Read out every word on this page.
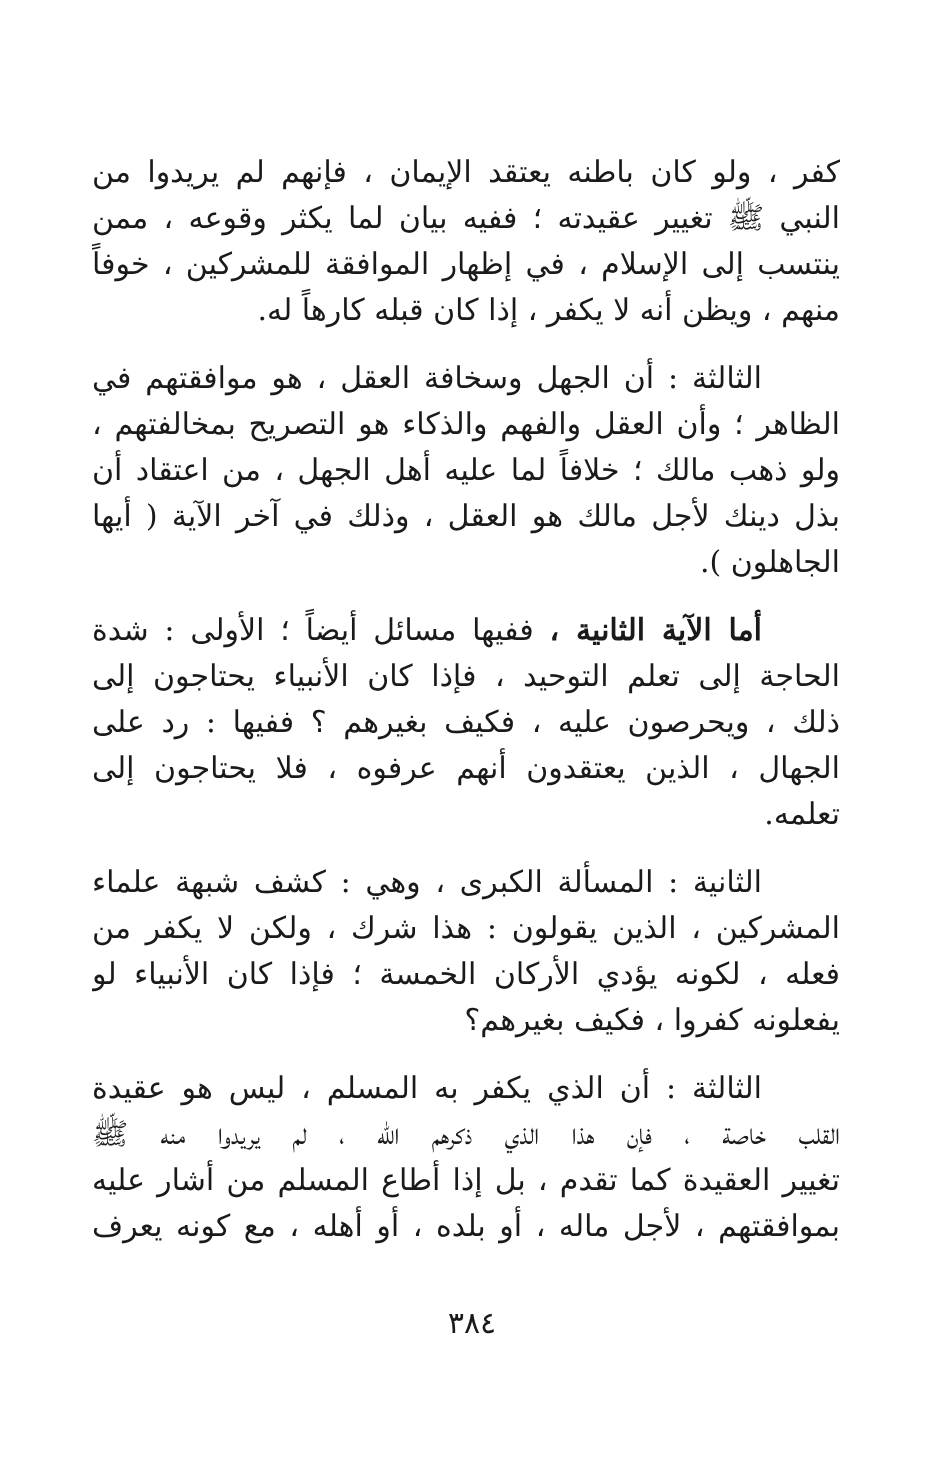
كفر ، ولو كان باطنه يعتقد الإيمان ، فإنهم لم يريدوا من
النبي ﷺ تغيير عقيدته ؛ ففيه بيان لما يكثر وقوعه ، ممن
ينتسب إلى الإسلام ، في إظهار الموافقة للمشركين ، خوفاً
منهم ، ويظن أنه لا يكفر ، إذا كان قبله كارهاً له.
الثالثة : أن الجهل وسخافة العقل ، هو موافقتهم في
الظاهر ؛ وأن العقل والفهم والذكاء هو التصريح بمخالفتهم ،
ولو ذهب مالك ؛ خلافاً لما عليه أهل الجهل ، من اعتقاد أن
بذل دينك لأجل مالك هو العقل ، وذلك في آخر الآية ( أيها
الجاهلون ).
أما الآية الثانية ، ففيها مسائل أيضاً ؛ الأولى : شدة
الحاجة إلى تعلم التوحيد ، فإذا كان الأنبياء يحتاجون إلى
ذلك ، ويحرصون عليه ، فكيف بغيرهم ؟ ففيها : رد على
الجهال ، الذين يعتقدون أنهم عرفوه ، فلا يحتاجون إلى
تعلمه.
الثانية : المسألة الكبرى ، وهي : كشف شبهة علماء
المشركين ، الذين يقولون : هذا شرك ، ولكن لا يكفر من
فعله ، لكونه يؤدي الأركان الخمسة ؛ فإذا كان الأنبياء لو
يفعلونه كفروا ، فكيف بغيرهم؟
الثالثة : أن الذي يكفر به المسلم ، ليس هو عقيدة
القلب خاصة ، فإن هذا الذي ذكرهم الله ، لم يريدوا منه ﷺ
تغيير العقيدة كما تقدم ، بل إذا أطاع المسلم من أشار عليه
بموافقتهم ، لأجل ماله ، أو بلده ، أو أهله ، مع كونه يعرف
٣٨٤
